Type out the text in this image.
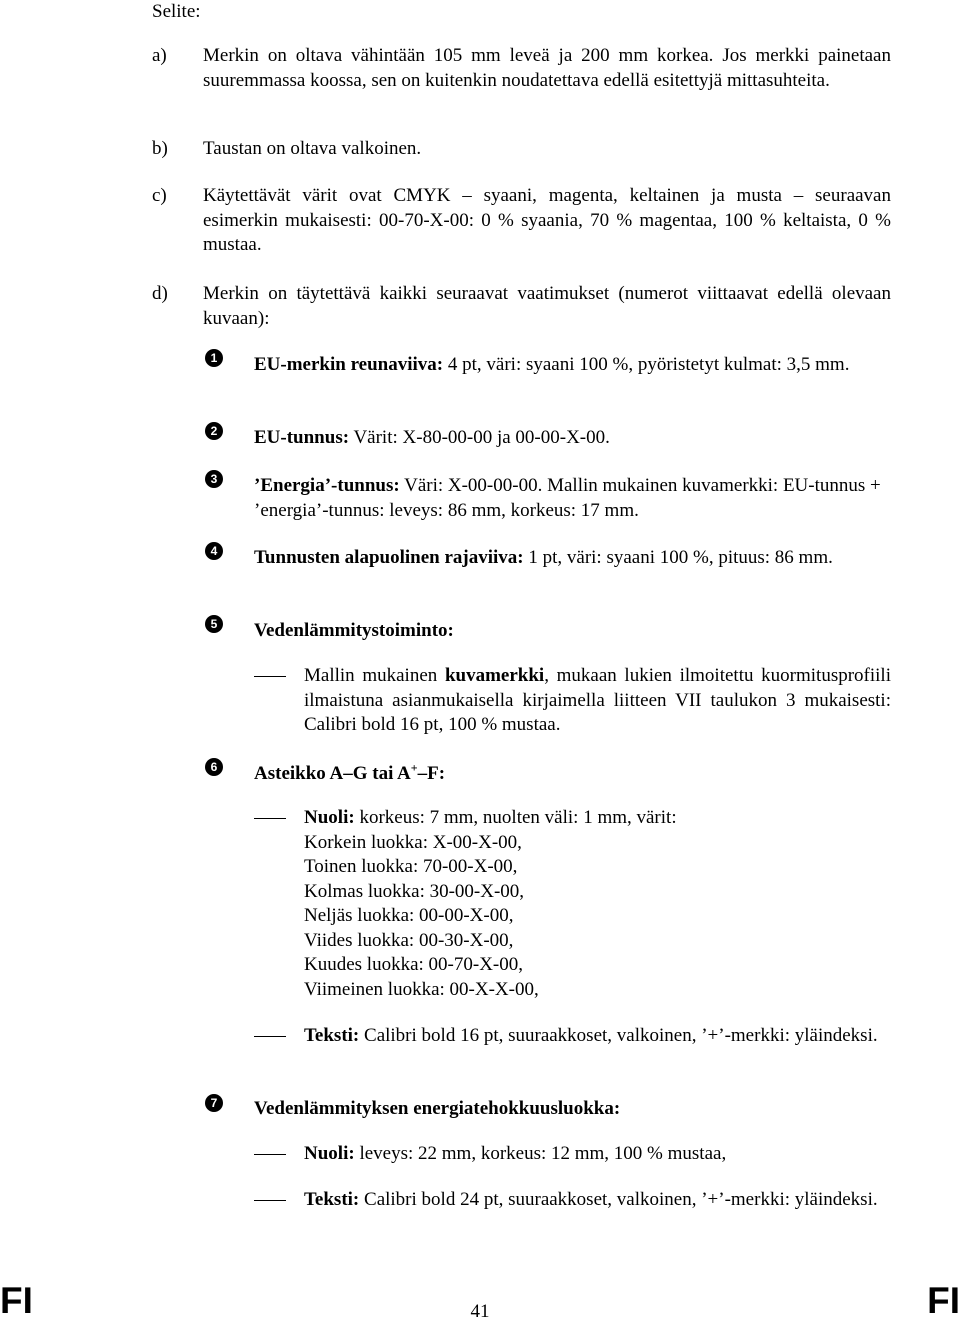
Selite:
a) Merkin on oltava vähintään 105 mm leveä ja 200 mm korkea. Jos merkki painetaan suuremmassa koossa, sen on kuitenkin noudatettava edellä esitettyjä mittasuhteita.
b) Taustan on oltava valkoinen.
c) Käytettävät värit ovat CMYK – syaani, magenta, keltainen ja musta – seuraavan esimerkin mukaisesti: 00-70-X-00: 0 % syaania, 70 % magentaa, 100 % keltaista, 0 % mustaa.
d) Merkin on täytettävä kaikki seuraavat vaatimukset (numerot viittaavat edellä olevaan kuvaan):
1 EU-merkin reunaviiva: 4 pt, väri: syaani 100 %, pyöristetyt kulmat: 3,5 mm.
2 EU-tunnus: Värit: X-80-00-00 ja 00-00-X-00.
3 ’Energia’-tunnus: Väri: X-00-00-00. Mallin mukainen kuvamerkki: EU-tunnus + ’energia’-tunnus: leveys: 86 mm, korkeus: 17 mm.
4 Tunnusten alapuolinen rajaviiva: 1 pt, väri: syaani 100 %, pituus: 86 mm.
5 Vedenlämmitystoiminto:
Mallin mukainen kuvamerkki, mukaan lukien ilmoitettu kuormitusprofiili ilmaistuna asianmukaisella kirjaimella liitteen VII taulukon 3 mukaisesti: Calibri bold 16 pt, 100 % mustaa.
6 Asteikko A–G tai A+–F:
Nuoli: korkeus: 7 mm, nuolten väli: 1 mm, värit:
Korkein luokka: X-00-X-00,
Toinen luokka: 70-00-X-00,
Kolmas luokka: 30-00-X-00,
Neljäs luokka: 00-00-X-00,
Viides luokka: 00-30-X-00,
Kuudes luokka: 00-70-X-00,
Viimeinen luokka: 00-X-X-00,
Teksti: Calibri bold 16 pt, suuraakkoset, valkoinen, ’+’-merkki: yläindeksi.
7 Vedenlämmityksen energiatehokkuusluokka:
Nuoli: leveys: 22 mm, korkeus: 12 mm, 100 % mustaa,
Teksti: Calibri bold 24 pt, suuraakkoset, valkoinen, ’+’-merkki: yläindeksi.
FI	41	FI
